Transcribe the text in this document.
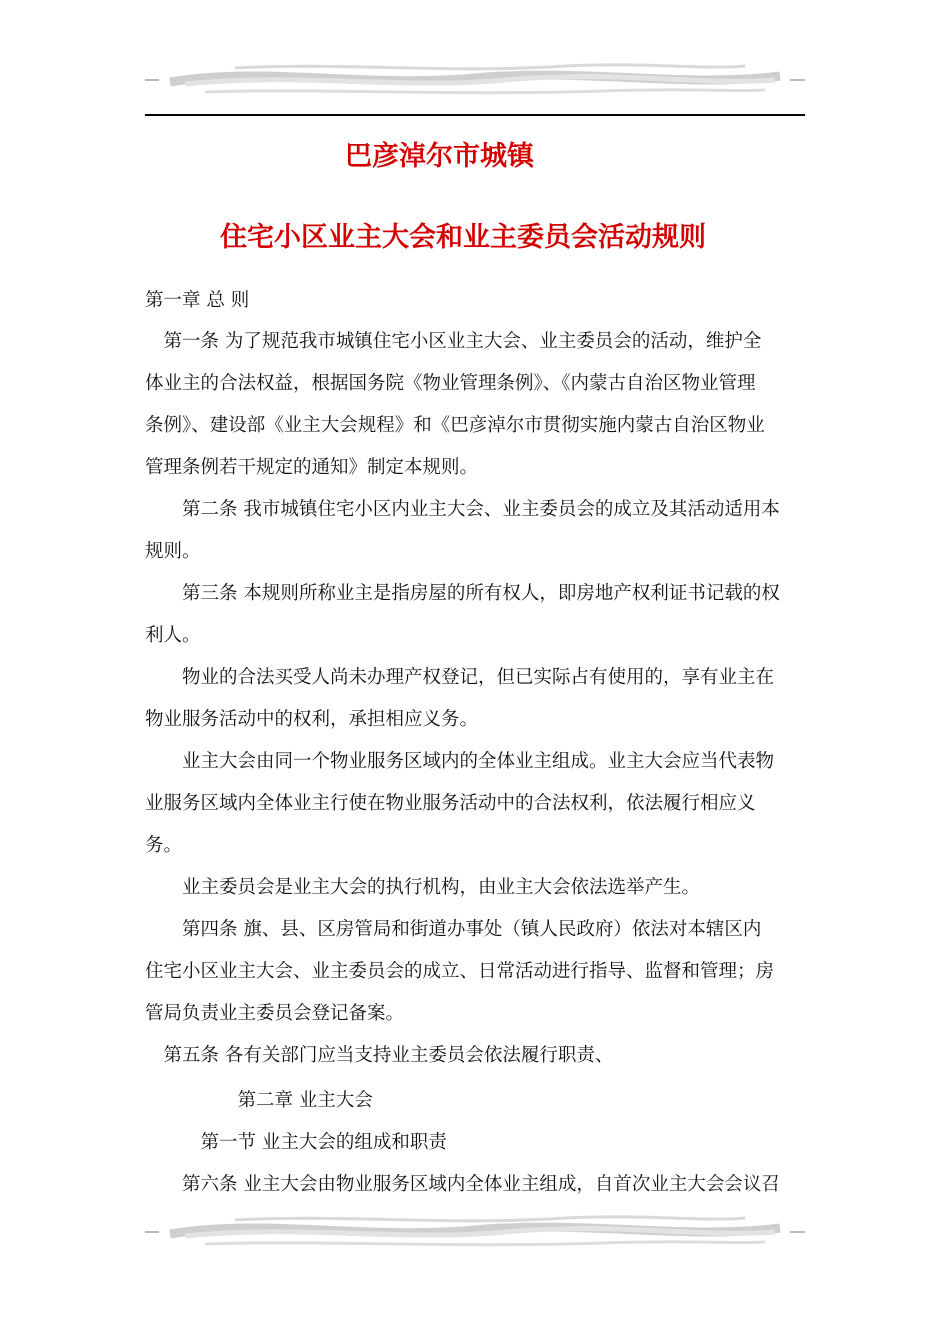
巴彦淖尔市城镇
住宅小区业主大会和业主委员会活动规则

第一章 总 则

　第一条 为了规范我市城镇住宅小区业主大会、业主委员会的活动，维护全

体业主的合法权益，根据国务院《物业管理条例》、《内蒙古自治区物业管理

条例》、建设部《业主大会规程》和《巴彦淖尔市贯彻实施内蒙古自治区物业

管理条例若干规定的通知》制定本规则。

　　第二条 我市城镇住宅小区内业主大会、业主委员会的成立及其活动适用本

规则。

　　第三条 本规则所称业主是指房屋的所有权人，即房地产权利证书记载的权

利人。

　　物业的合法买受人尚未办理产权登记，但已实际占有使用的，享有业主在

物业服务活动中的权利，承担相应义务。

　　业主大会由同一个物业服务区域内的全体业主组成。业主大会应当代表物

业服务区域内全体业主行使在物业服务活动中的合法权利，依法履行相应义

务。

　　业主委员会是业主大会的执行机构，由业主大会依法选举产生。

　　第四条 旗、县、区房管局和街道办事处（镇人民政府）依法对本辖区内

住宅小区业主大会、业主委员会的成立、日常活动进行指导、监督和管理；房

管局负责业主委员会登记备案。

　第五条 各有关部门应当支持业主委员会依法履行职责、

　　　　　第二章 业主大会

　　　第一节 业主大会的组成和职责

　　第六条 业主大会由物业服务区域内全体业主组成，自首次业主大会会议召
